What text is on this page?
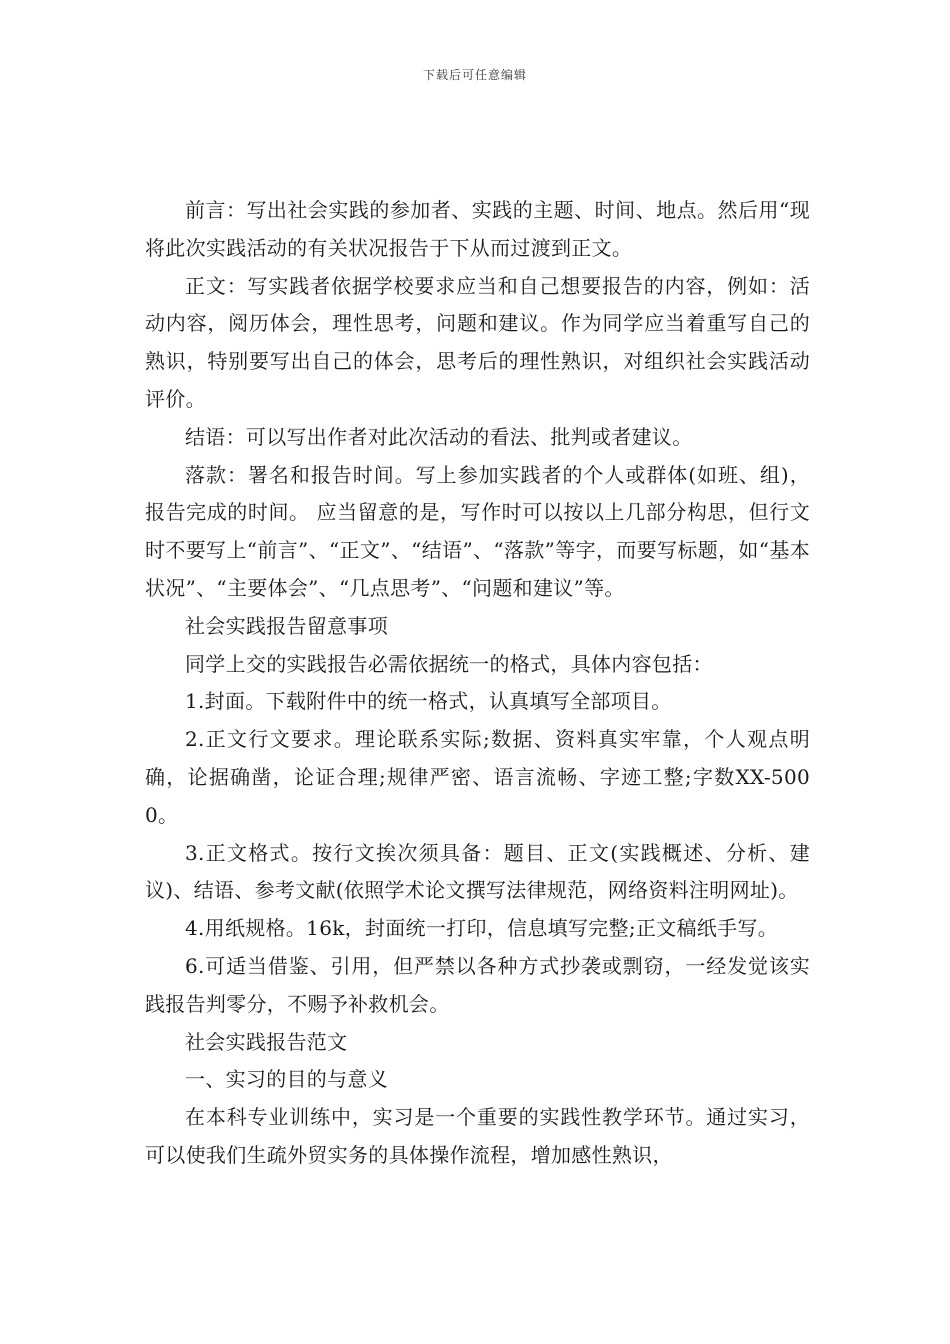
下载后可任意编辑

前言：写出社会实践的参加者、实践的主题、时间、地点。然后用“现将此次实践活动的有关状况报告于下从而过渡到正文。

正文：写实践者依据学校要求应当和自己想要报告的内容，例如：活动内容，阅历体会，理性思考，问题和建议。作为同学应当着重写自己的熟识，特别要写出自己的体会，思考后的理性熟识，对组织社会实践活动评价。

结语：可以写出作者对此次活动的看法、批判或者建议。

落款：署名和报告时间。写上参加实践者的个人或群体(如班、组)，报告完成的时间。 应当留意的是，写作时可以按以上几部分构思，但行文时不要写上“前言”、“正文”、“结语”、“落款”等字，而要写标题，如“基本状况”、“主要体会”、“几点思考”、“问题和建议”等。

社会实践报告留意事项

同学上交的实践报告必需依据统一的格式，具体内容包括：

1.封面。下载附件中的统一格式，认真填写全部项目。

2.正文行文要求。理论联系实际;数据、资料真实牢靠，个人观点明确，论据确凿，论证合理;规律严密、语言流畅、字迹工整;字数XX-5000。

3.正文格式。按行文挨次须具备：题目、正文(实践概述、分析、建议)、结语、参考文献(依照学术论文撰写法律规范，网络资料注明网址)。

4.用纸规格。16k，封面统一打印，信息填写完整;正文稿纸手写。

6.可适当借鉴、引用，但严禁以各种方式抄袭或剽窃，一经发觉该实践报告判零分，不赐予补救机会。

社会实践报告范文

一、实习的目的与意义

在本科专业训练中，实习是一个重要的实践性教学环节。通过实习，可以使我们生疏外贸实务的具体操作流程，增加感性熟识，
